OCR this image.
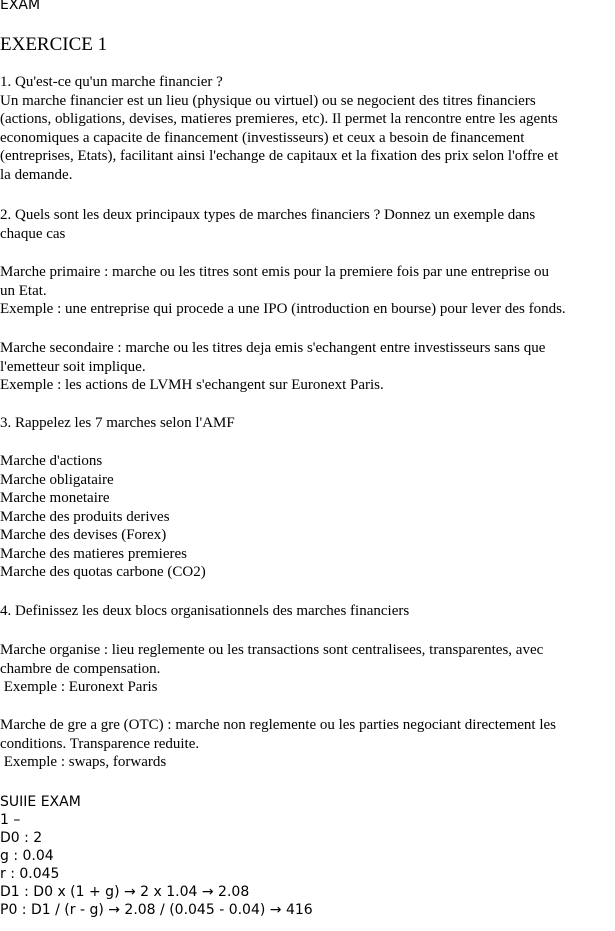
EXAM
EXERCICE 1
1. Qu'est-ce qu'un marche financier ?
Un marche financier est un lieu (physique ou virtuel) ou se negocient des titres financiers
(actions, obligations, devises, matieres premieres, etc). Il permet la rencontre entre les agents
economiques a capacite de financement (investisseurs) et ceux a besoin de financement
(entreprises, Etats), facilitant ainsi l'echange de capitaux et la fixation des prix selon l'offre et
la demande.
2. Quels sont les deux principaux types de marches financiers ? Donnez un exemple dans
chaque cas
Marche primaire : marche ou les titres sont emis pour la premiere fois par une entreprise ou
un Etat.
Exemple : une entreprise qui procede a une IPO (introduction en bourse) pour lever des fonds.
Marche secondaire : marche ou les titres deja emis s'echangent entre investisseurs sans que
l'emetteur soit implique.
Exemple : les actions de LVMH s'echangent sur Euronext Paris.
3. Rappelez les 7 marches selon l'AMF
Marche d'actions
Marche obligataire
Marche monetaire
Marche des produits derives
Marche des devises (Forex)
Marche des matieres premieres
Marche des quotas carbone (CO2)
4. Definissez les deux blocs organisationnels des marches financiers
Marche organise : lieu reglemente ou les transactions sont centralisees, transparentes, avec
chambre de compensation.
Exemple : Euronext Paris
Marche de gre a gre (OTC) : marche non reglemente ou les parties negociant directement les
conditions. Transparence reduite.
Exemple : swaps, forwards
SUIIE EXAM
1 –
D0 : 2
g : 0.04
r : 0.045
D1 : D0 x (1 + g) → 2 x 1.04 → 2.08
P0 : D1 / (r - g) → 2.08 / (0.045 - 0.04) → 416
